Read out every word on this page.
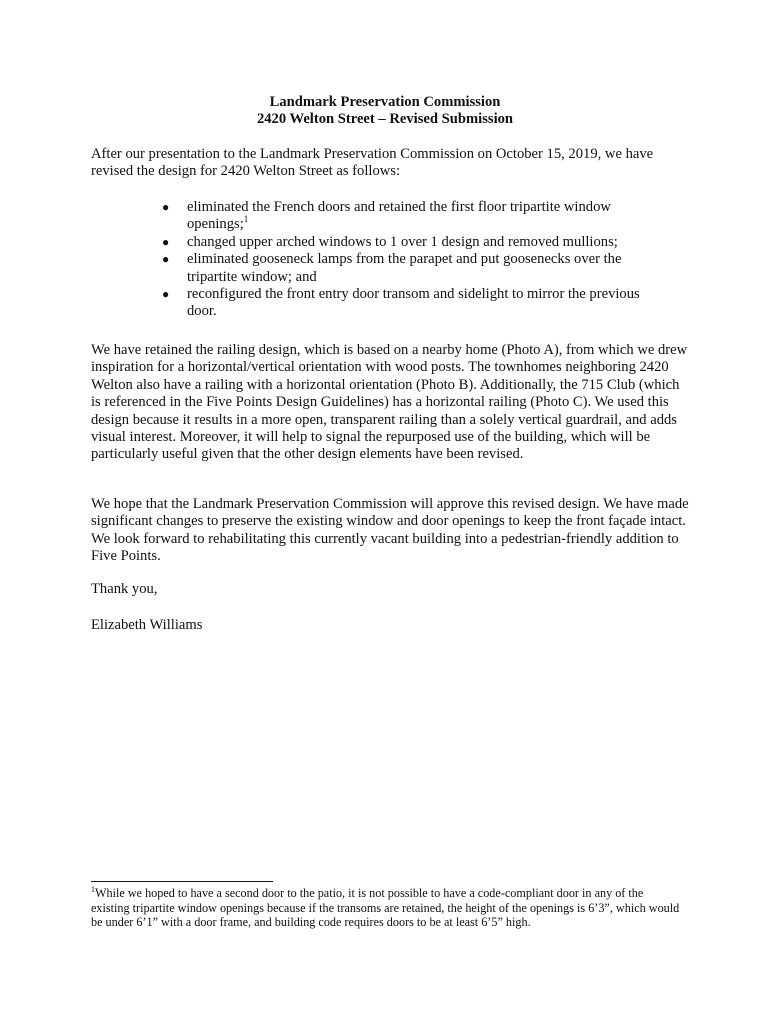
Landmark Preservation Commission
2420 Welton Street – Revised Submission
After our presentation to the Landmark Preservation Commission on October 15, 2019, we have revised the design for 2420 Welton Street as follows:
● eliminated the French doors and retained the first floor tripartite window openings;$^1$
● changed upper arched windows to 1 over 1 design and removed mullions;
● eliminated gooseneck lamps from the parapet and put goosenecks over the tripartite window; and
● reconfigured the front entry door transom and sidelight to mirror the previous door.
We have retained the railing design, which is based on a nearby home (Photo A), from which we drew inspiration for a horizontal/vertical orientation with wood posts. The townhomes neighboring 2420 Welton also have a railing with a horizontal orientation (Photo B). Additionally, the 715 Club (which is referenced in the Five Points Design Guidelines) has a horizontal railing (Photo C). We used this design because it results in a more open, transparent railing than a solely vertical guardrail, and adds visual interest. Moreover, it will help to signal the repurposed use of the building, which will be particularly useful given that the other design elements have been revised.
We hope that the Landmark Preservation Commission will approve this revised design. We have made significant changes to preserve the existing window and door openings to keep the front façade intact. We look forward to rehabilitating this currently vacant building into a pedestrian-friendly addition to Five Points.
Thank you,
Elizabeth Williams
$^1$While we hoped to have a second door to the patio, it is not possible to have a code-compliant door in any of the existing tripartite window openings because if the transoms are retained, the height of the openings is 6’3”, which would be under 6’1” with a door frame, and building code requires doors to be at least 6’5” high.
